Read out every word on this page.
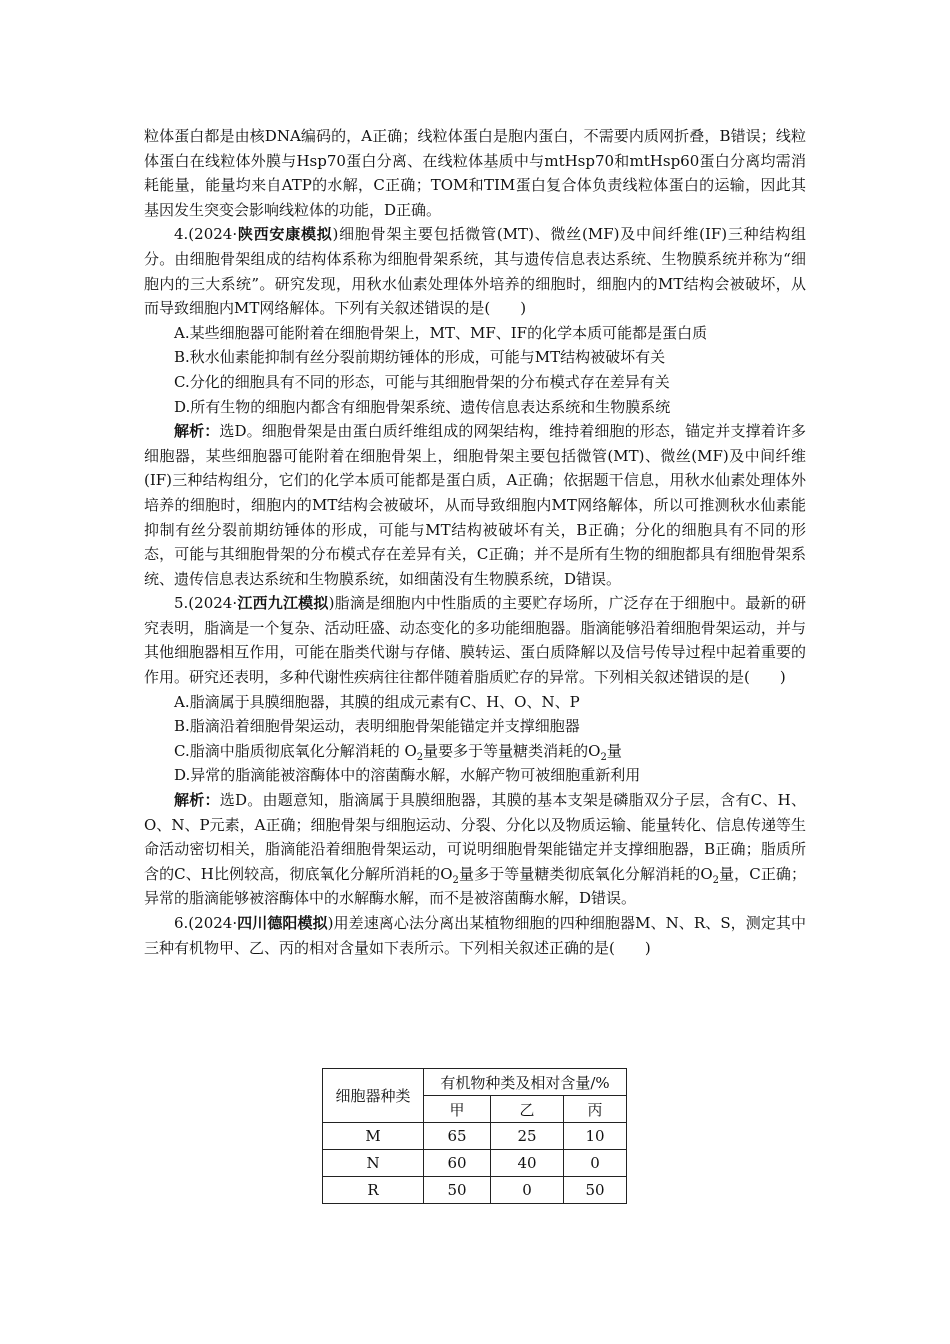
粒体蛋白都是由核DNA编码的，A正确；线粒体蛋白是胞内蛋白，不需要内质网折叠，B错误；线粒体蛋白在线粒体外膜与Hsp70蛋白分离、在线粒体基质中与mtHsp70和mtHsp60蛋白分离均需消耗能量，能量均来自ATP的水解，C正确；TOM和TIM蛋白复合体负责线粒体蛋白的运输，因此其基因发生突变会影响线粒体的功能，D正确。

4.(2024·陕西安康模拟)细胞骨架主要包括微管(MT)、微丝(MF)及中间纤维(IF)三种结构组分。由细胞骨架组成的结构体系称为细胞骨架系统，其与遗传信息表达系统、生物膜系统并称为“细胞内的三大系统”。研究发现，用秋水仙素处理体外培养的细胞时，细胞内的MT结构会被破坏，从而导致细胞内MT网络解体。下列有关叙述错误的是(　　)

A.某些细胞器可能附着在细胞骨架上，MT、MF、IF的化学本质可能都是蛋白质

B.秋水仙素能抑制有丝分裂前期纺锤体的形成，可能与MT结构被破坏有关

C.分化的细胞具有不同的形态，可能与其细胞骨架的分布模式存在差异有关

D.所有生物的细胞内都含有细胞骨架系统、遗传信息表达系统和生物膜系统

解析：选D。细胞骨架是由蛋白质纤维组成的网架结构，维持着细胞的形态，锚定并支撑着许多细胞器，某些细胞器可能附着在细胞骨架上，细胞骨架主要包括微管(MT)、微丝(MF)及中间纤维(IF)三种结构组分，它们的化学本质可能都是蛋白质，A正确；依据题干信息，用秋水仙素处理体外培养的细胞时，细胞内的MT结构会被破坏，从而导致细胞内MT网络解体，所以可推测秋水仙素能抑制有丝分裂前期纺锤体的形成，可能与MT结构被破坏有关，B正确；分化的细胞具有不同的形态，可能与其细胞骨架的分布模式存在差异有关，C正确；并不是所有生物的细胞都具有细胞骨架系统、遗传信息表达系统和生物膜系统，如细菌没有生物膜系统，D错误。

5.(2024·江西九江模拟)脂滴是细胞内中性脂质的主要贮存场所，广泛存在于细胞中。最新的研究表明，脂滴是一个复杂、活动旺盛、动态变化的多功能细胞器。脂滴能够沿着细胞骨架运动，并与其他细胞器相互作用，可能在脂类代谢与存储、膜转运、蛋白质降解以及信号传导过程中起着重要的作用。研究还表明，多种代谢性疾病往往都伴随着脂质贮存的异常。下列相关叙述错误的是(　　)

A.脂滴属于具膜细胞器，其膜的组成元素有C、H、O、N、P

B.脂滴沿着细胞骨架运动，表明细胞骨架能锚定并支撑细胞器

C.脂滴中脂质彻底氧化分解消耗的 $O_2$量要多于等量糖类消耗的$O_2$量

D.异常的脂滴能被溶酶体中的溶菌酶水解，水解产物可被细胞重新利用

解析：选D。由题意知，脂滴属于具膜细胞器，其膜的基本支架是磷脂双分子层，含有C、H、O、N、P元素，A正确；细胞骨架与细胞运动、分裂、分化以及物质运输、能量转化、信息传递等生命活动密切相关，脂滴能沿着细胞骨架运动，可说明细胞骨架能锚定并支撑细胞器，B正确；脂质所含的C、H比例较高，彻底氧化分解所消耗的$O_2$量多于等量糖类彻底氧化分解消耗的$O_2$量，C正确；异常的脂滴能够被溶酶体中的水解酶水解，而不是被溶菌酶水解，D错误。

6.(2024·四川德阳模拟)用差速离心法分离出某植物细胞的四种细胞器M、N、R、S，测定其中三种有机物甲、乙、丙的相对含量如下表所示。下列相关叙述正确的是(　　)

细胞器种类	有机物种类及相对含量/%		
	甲	乙	丙
M	65	25	10
N	60	40	0
R	50	0	50
